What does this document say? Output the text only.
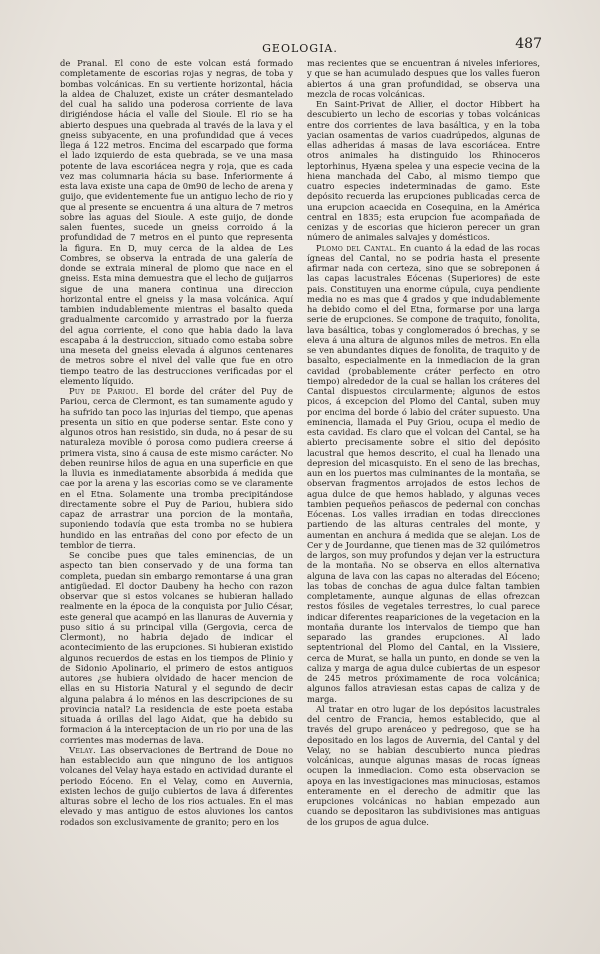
GEOLOGIA.	487

de Pranal. El cono de este volcan está formado completamente de escorias rojas y negras, de toba y bombas volcánicas. En su vertiente horizontal, hácia la aldea de Chaluzet, existe un cráter desmantelado del cual ha salido una poderosa corriente de lava dirigiéndose hácia el valle del Sioule. El rio se ha abierto despues una quebrada al través de la lava y el gneiss subyacente, en una profundidad que á veces llega á 122 metros. Encima del escarpado que forma el lado izquierdo de esta quebrada, se ve una masa potente de lava escoriácea negra y roja, que es cada vez mas columnaria hácia su base. Inferiormente á esta lava existe una capa de 0m90 de lecho de arena y guijo, que evidentemente fue un antiguo lecho de rio y que al presente se encuentra á una altura de 7 metros sobre las aguas del Sioule. A este guijo, de donde salen fuentes, sucede un gneiss corroido á la profundidad de 7 metros en el punto que representa la figura. En D, muy cerca de la aldea de Les Combres, se observa la entrada de una galería de donde se extraia mineral de plomo que nace en el gneiss. Esta mina demuestra que el lecho de guijarros sigue de una manera continua una direccion horizontal entre el gneiss y la masa volcánica. Aquí tambien indudablemente mientras el basalto queda gradualmente carcomido y arrastrado por la fuerza del agua corriente, el cono que habia dado la lava escapaba á la destruccion, situado como estaba sobre una meseta del gneiss elevada á algunos centenares de metros sobre el nivel del valle que fue en otro tiempo teatro de las destrucciones verificadas por el elemento líquido.

Puy de Pariou. El borde del cráter del Puy de Pariou, cerca de Clermont, es tan sumamente agudo y ha sufrido tan poco las injurias del tiempo, que apenas presenta un sitio en que poderse sentar. Este cono y algunos otros han resistido, sin duda, no á pesar de su naturaleza movible ó porosa como pudiera creerse á primera vista, sino á causa de este mismo carácter. No deben reunirse hilos de agua en una superficie en que la lluvia es inmediatamente absorbida á medida que cae por la arena y las escorias como se ve claramente en el Etna. Solamente una tromba precipitándose directamente sobre el Puy de Pariou, hubiera sido capaz de arrastrar una porcion de la montaña, suponiendo todavía que esta tromba no se hubiera hundido en las entrañas del cono por efecto de un temblor de tierra.

Se concibe pues que tales eminencias, de un aspecto tan bien conservado y de una forma tan completa, puedan sin embargo remontarse á una gran antigüedad. El doctor Daubeny ha hecho con razon observar que si estos volcanes se hubieran hallado realmente en la época de la conquista por Julio César, este general que acampó en las llanuras de Auvernia y puso sitio á su principal villa (Gergovia, cerca de Clermont), no habria dejado de indicar el acontecimiento de las erupciones. Si hubieran existido algunos recuerdos de estas en los tiempos de Plinio y de Sidonio Apolinario, el primero de estos antiguos autores ¿se hubiera olvidado de hacer mencion de ellas en su Historia Natural y el segundo de decir alguna palabra á lo ménos en las descripciones de su provincia natal? La residencia de este poeta estaba situada á orillas del lago Aidat, que ha debido su formacion á la interceptacion de un rio por una de las corrientes mas modernas de lava.

Velay. Las observaciones de Bertrand de Doue no han establecido aun que ninguno de los antiguos volcanes del Velay haya estado en actividad durante el periodo Eóceno. En el Velay, como en Auvernia, existen lechos de guijo cubiertos de lava á diferentes alturas sobre el lecho de los rios actuales. En el mas elevado y mas antiguo de estos aluviones los cantos rodados son exclusivamente de granito; pero en los

mas recientes que se encuentran á niveles inferiores, y que se han acumulado despues que los valles fueron abiertos á una gran profundidad, se observa una mezcla de rocas volcánicas.

En Saint-Privat de Allier, el doctor Hibbert ha descubierto un lecho de escorias y tobas volcánicas entre dos corrientes de lava basáltica, y en la toba yacian osamentas de varios cuadrúpedos, algunas de ellas adheridas á masas de lava escoriácea. Entre otros animales ha distinguido los Rhinoceros leptorhinus, Hyæna spelea y una especie vecina de la hiena manchada del Cabo, al mismo tiempo que cuatro especies indeterminadas de gamo. Este depósito recuerda las erupciones publicadas cerca de una erupcion acaecida en Cosequina, en la América central en 1835; esta erupcion fue acompañada de cenizas y de escorias que hicieron perecer un gran número de animales salvajes y domésticos.

Plomo del Cantal. En cuanto á la edad de las rocas ígneas del Cantal, no se podria hasta el presente afirmar nada con certeza, sino que se sobreponen á las capas lacustrales Eócenas (Superiores) de este pais. Constituyen una enorme cúpula, cuya pendiente media no es mas que 4 grados y que indudablemente ha debido como el del Etna, formarse por una larga serie de erupciones. Se compone de traquito, fonolita, lava basáltica, tobas y conglomerados ó brechas, y se eleva á una altura de algunos miles de metros. En ella se ven abundantes diques de fonolita, de traquito y de basalto, especialmente en la inmediacion de la gran cavidad (probablemente cráter perfecto en otro tiempo) alrededor de la cual se hallan los cráteres del Cantal dispuestos circularmente; algunos de estos picos, á excepcion del Plomo del Cantal, suben muy por encima del borde ó labio del cráter supuesto. Una eminencia, llamada el Puy Griou, ocupa el medio de esta cavidad. Es claro que el volcan del Cantal, se ha abierto precisamente sobre el sitio del depósito lacustral que hemos descrito, el cual ha llenado una depresion del micasquisto. En el seno de las brechas, aun en los puertos mas culminantes de la montaña, se observan fragmentos arrojados de estos lechos de agua dulce de que hemos hablado, y algunas veces tambien pequeños peñascos de pedernal con conchas Eócenas. Los valles irradian en todas direcciones partiendo de las alturas centrales del monte, y aumentan en anchura á medida que se alejan. Los de Cer y de Jourdanne, que tienen mas de 32 quilómetros de largos, son muy profundos y dejan ver la estructura de la montaña. No se observa en ellos alternativa alguna de lava con las capas no alteradas del Eóceno; las tobas de conchas de agua dulce faltan tambien completamente, aunque algunas de ellas ofrezcan restos fósiles de vegetales terrestres, lo cual parece indicar diferentes reapariciones de la vegetacion en la montaña durante los intervalos de tiempo que han separado las grandes erupciones. Al lado septentrional del Plomo del Cantal, en la Vissiere, cerca de Murat, se halla un punto, en donde se ven la caliza y marga de agua dulce cubiertas de un espesor de 245 metros próximamente de roca volcánica; algunos fallos atraviesan estas capas de caliza y de marga.

Al tratar en otro lugar de los depósitos lacustrales del centro de Francia, hemos establecido, que al través del grupo arenáceo y pedregoso, que se ha depositado en los lagos de Auvernia, del Cantal y del Velay, no se habian descubierto nunca piedras volcánicas, aunque algunas masas de rocas ígneas ocupen la inmediacion. Como esta observacion se apoya en las investigaciones mas minuciosas, estamos enteramente en el derecho de admitir que las erupciones volcánicas no habian empezado aun cuando se depositaron las subdivisiones mas antiguas de los grupos de agua dulce.
